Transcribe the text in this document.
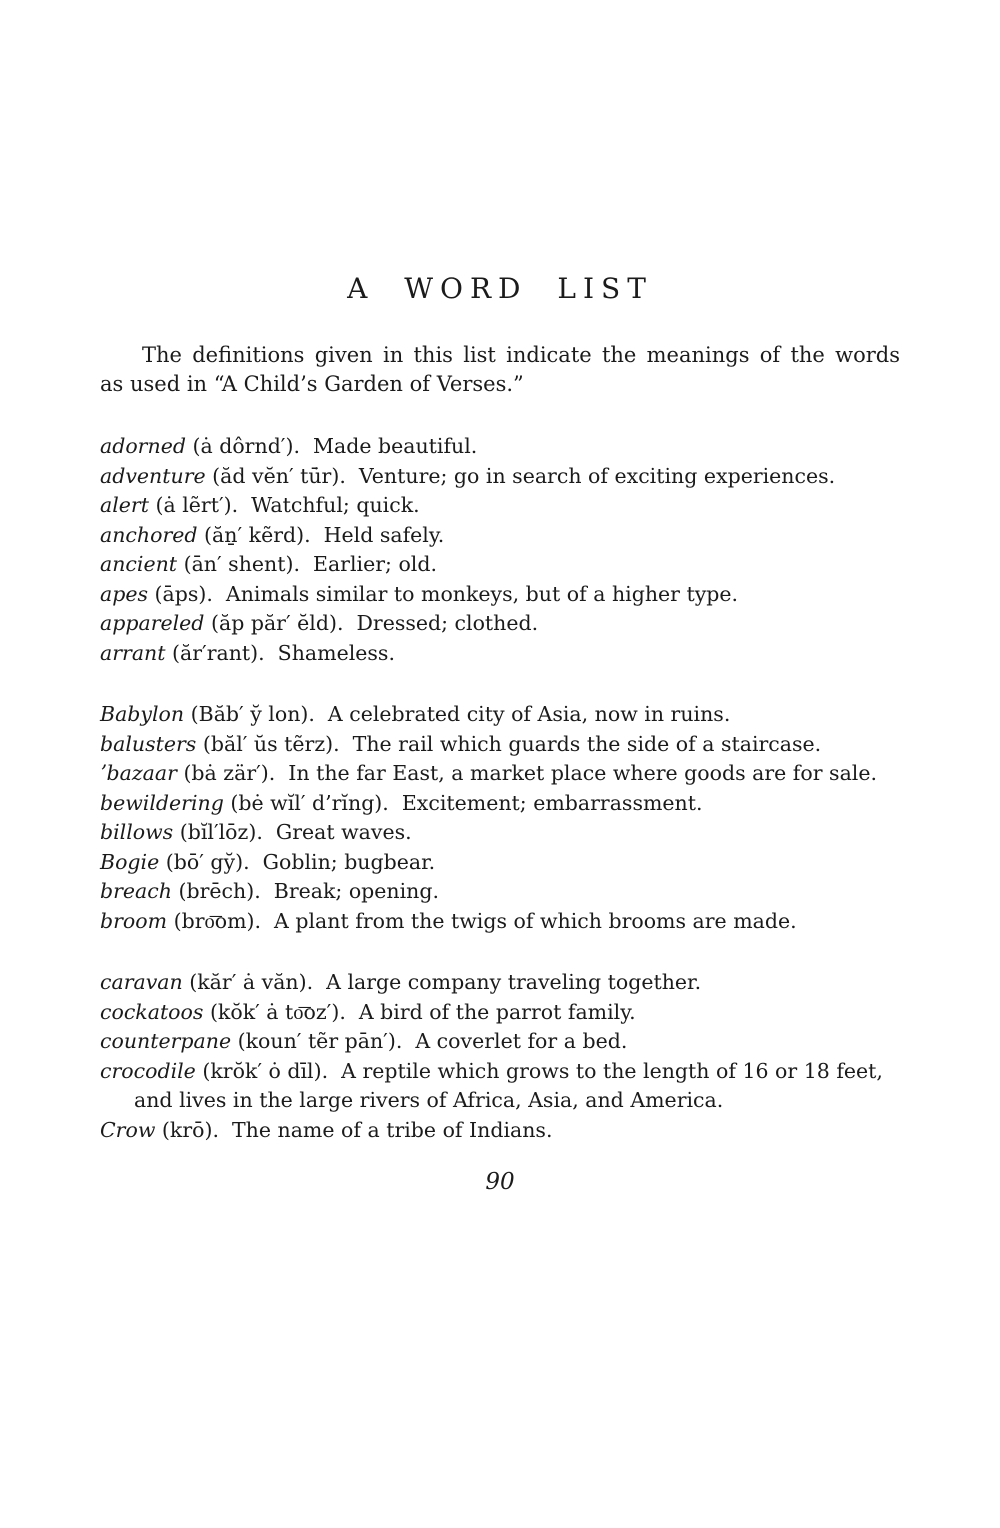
A WORD LIST
The definitions given in this list indicate the meanings of the words
as used in “A Child’s Garden of Verses.”
adorned (ȧ dôrnd′). Made beautiful.
adventure (ăd vĕn′ tū̇r). Venture; go in search of exciting experiences.
alert (ȧ lẽrt′). Watchful; quick.
anchored (ăṉ′ kẽrd). Held safely.
ancient (ān′ shent). Earlier; old.
apes (āps). Animals similar to monkeys, but of a higher type.
appareled (ăp păr′ ĕld). Dressed; clothed.
arrant (ăr′rant). Shameless.
Babylon (Băb′ y̆ lon). A celebrated city of Asia, now in ruins.
balusters (băl′ ŭs tẽrz). The rail which guards the side of a staircase.
ʼbazaar (bȧ zär′). In the far East, a market place where goods are for sale.
bewildering (bė wĭl′ d’rĭng). Excitement; embarrassment.
billows (bĭl′lōz). Great waves.
Bogie (bō′ gy̆). Goblin; bugbear.
breach (brēch). Break; opening.
broom (bro͞om). A plant from the twigs of which brooms are made.
caravan (kăr′ ȧ văn). A large company traveling together.
cockatoos (kŏk′ ȧ to͞oz′). A bird of the parrot family.
counterpane (koun′ tẽr pān′). A coverlet for a bed.
crocodile (krŏk′ ȯ dīl). A reptile which grows to the length of 16 or 18 feet, and lives in the large rivers of Africa, Asia, and America.
Crow (krō). The name of a tribe of Indians.
90
